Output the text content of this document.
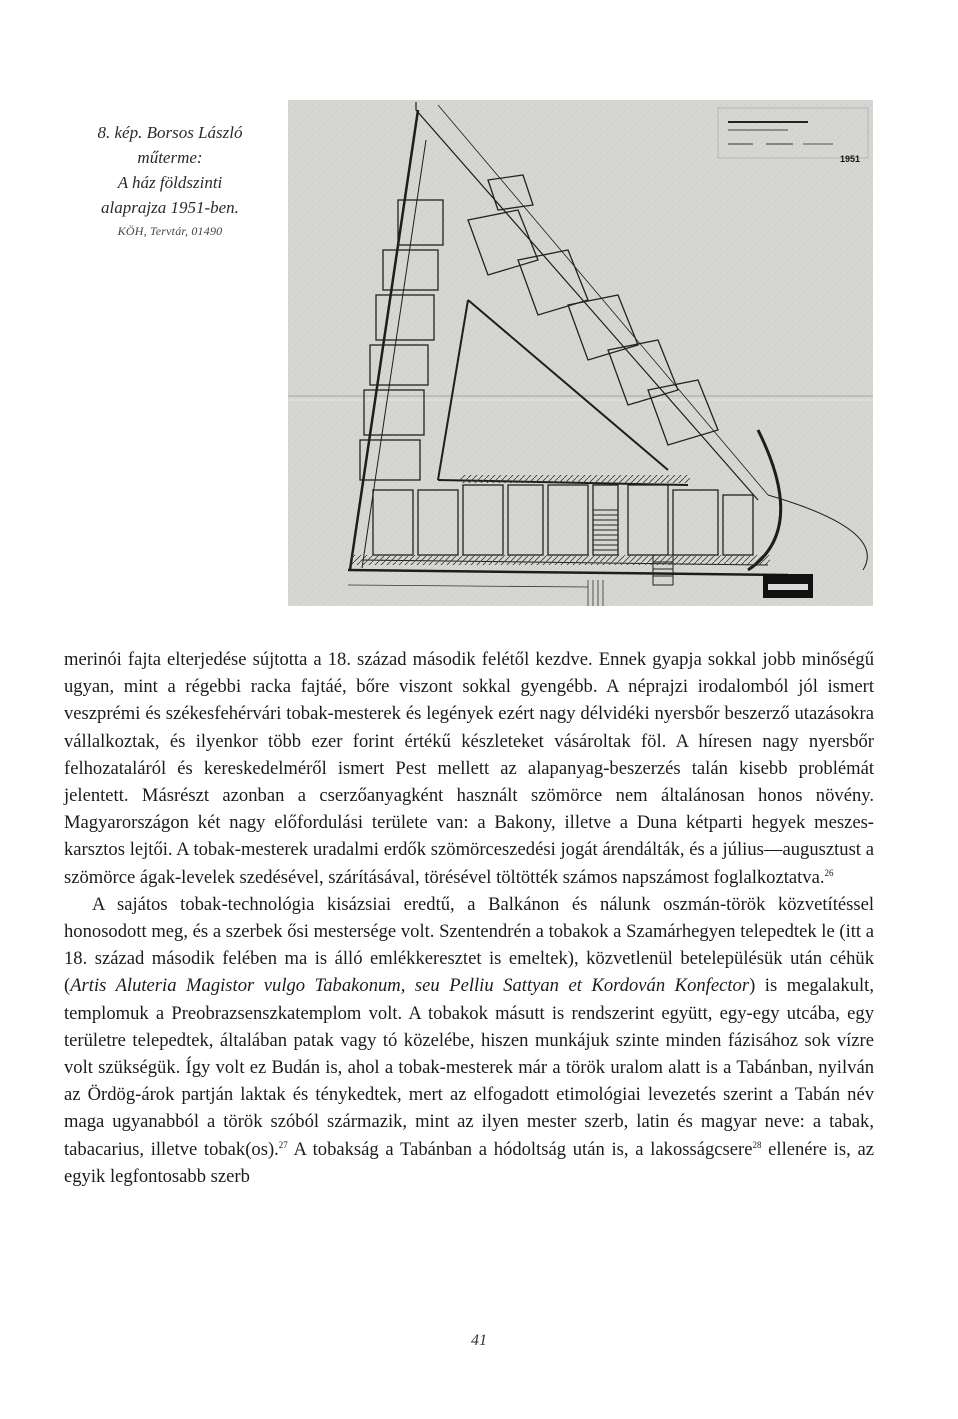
8. kép. Borsos László
műterme:
A ház földszinti
alaprajza 1951-ben.
KÖH, Tervtár, 01490
1951

merinói fajta elterjedése sújtotta a 18. század második felétől kezdve. Ennek gyapja sokkal jobb minőségű ugyan, mint a régebbi racka fajtáé, bőre viszont sokkal gyengébb. A néprajzi irodalomból jól ismert veszprémi és székesfehérvári tobak-mesterek és legények ezért nagy délvidéki nyersbőr beszerző utazásokra vállalkoztak, és ilyenkor több ezer forint értékű készleteket vásároltak föl. A híresen nagy nyersbőr felhozataláról és kereskedelméről ismert Pest mellett az alapanyag-beszerzés talán kisebb problémát jelentett. Másrészt azonban a cserzőanyagként használt szömörce nem általánosan honos növény. Magyarországon két nagy előfordulási területe van: a Bakony, illetve a Duna kétparti hegyek meszes-karsztos lejtői. A tobak-mesterek uradalmi erdők szömörceszedési jogát árendálták, és a július—augusztust a szömörce ágak-levelek szedésével, szárításával, törésével töltötték számos napszámost foglalkoztatva.$^{26}$

A sajátos tobak-technológia kisázsiai eredtű, a Balkánon és nálunk oszmán-török közvetítéssel honosodott meg, és a szerbek ősi mestersége volt. Szentendrén a tobakok a Szamárhegyen telepedtek le (itt a 18. század második felében ma is álló emlékkeresztet is emeltek), közvetlenül betelepülésük után céhük (Artis Aluteria Magistor vulgo Tabakonum, seu Pelliu Sattyan et Kordován Konfector) is megalakult, templomuk a Preobrazsenszkatemplom volt. A tobakok másutt is rendszerint együtt, egy-egy utcába, egy területre telepedtek, általában patak vagy tó közelébe, hiszen munkájuk szinte minden fázisához sok vízre volt szükségük. Így volt ez Budán is, ahol a tobak-mesterek már a török uralom alatt is a Tabánban, nyilván az Ördög-árok partján laktak és ténykedtek, mert az elfogadott etimológiai levezetés szerint a Tabán név maga ugyanabból a török szóból származik, mint az ilyen mester szerb, latin és magyar neve: a tabak, tabacarius, illetve tobak(os).$^{27}$ A tobakság a Tabánban a hódoltság után is, a lakosságcsere$^{28}$ ellenére is, az egyik legfontosabb szerb

41
